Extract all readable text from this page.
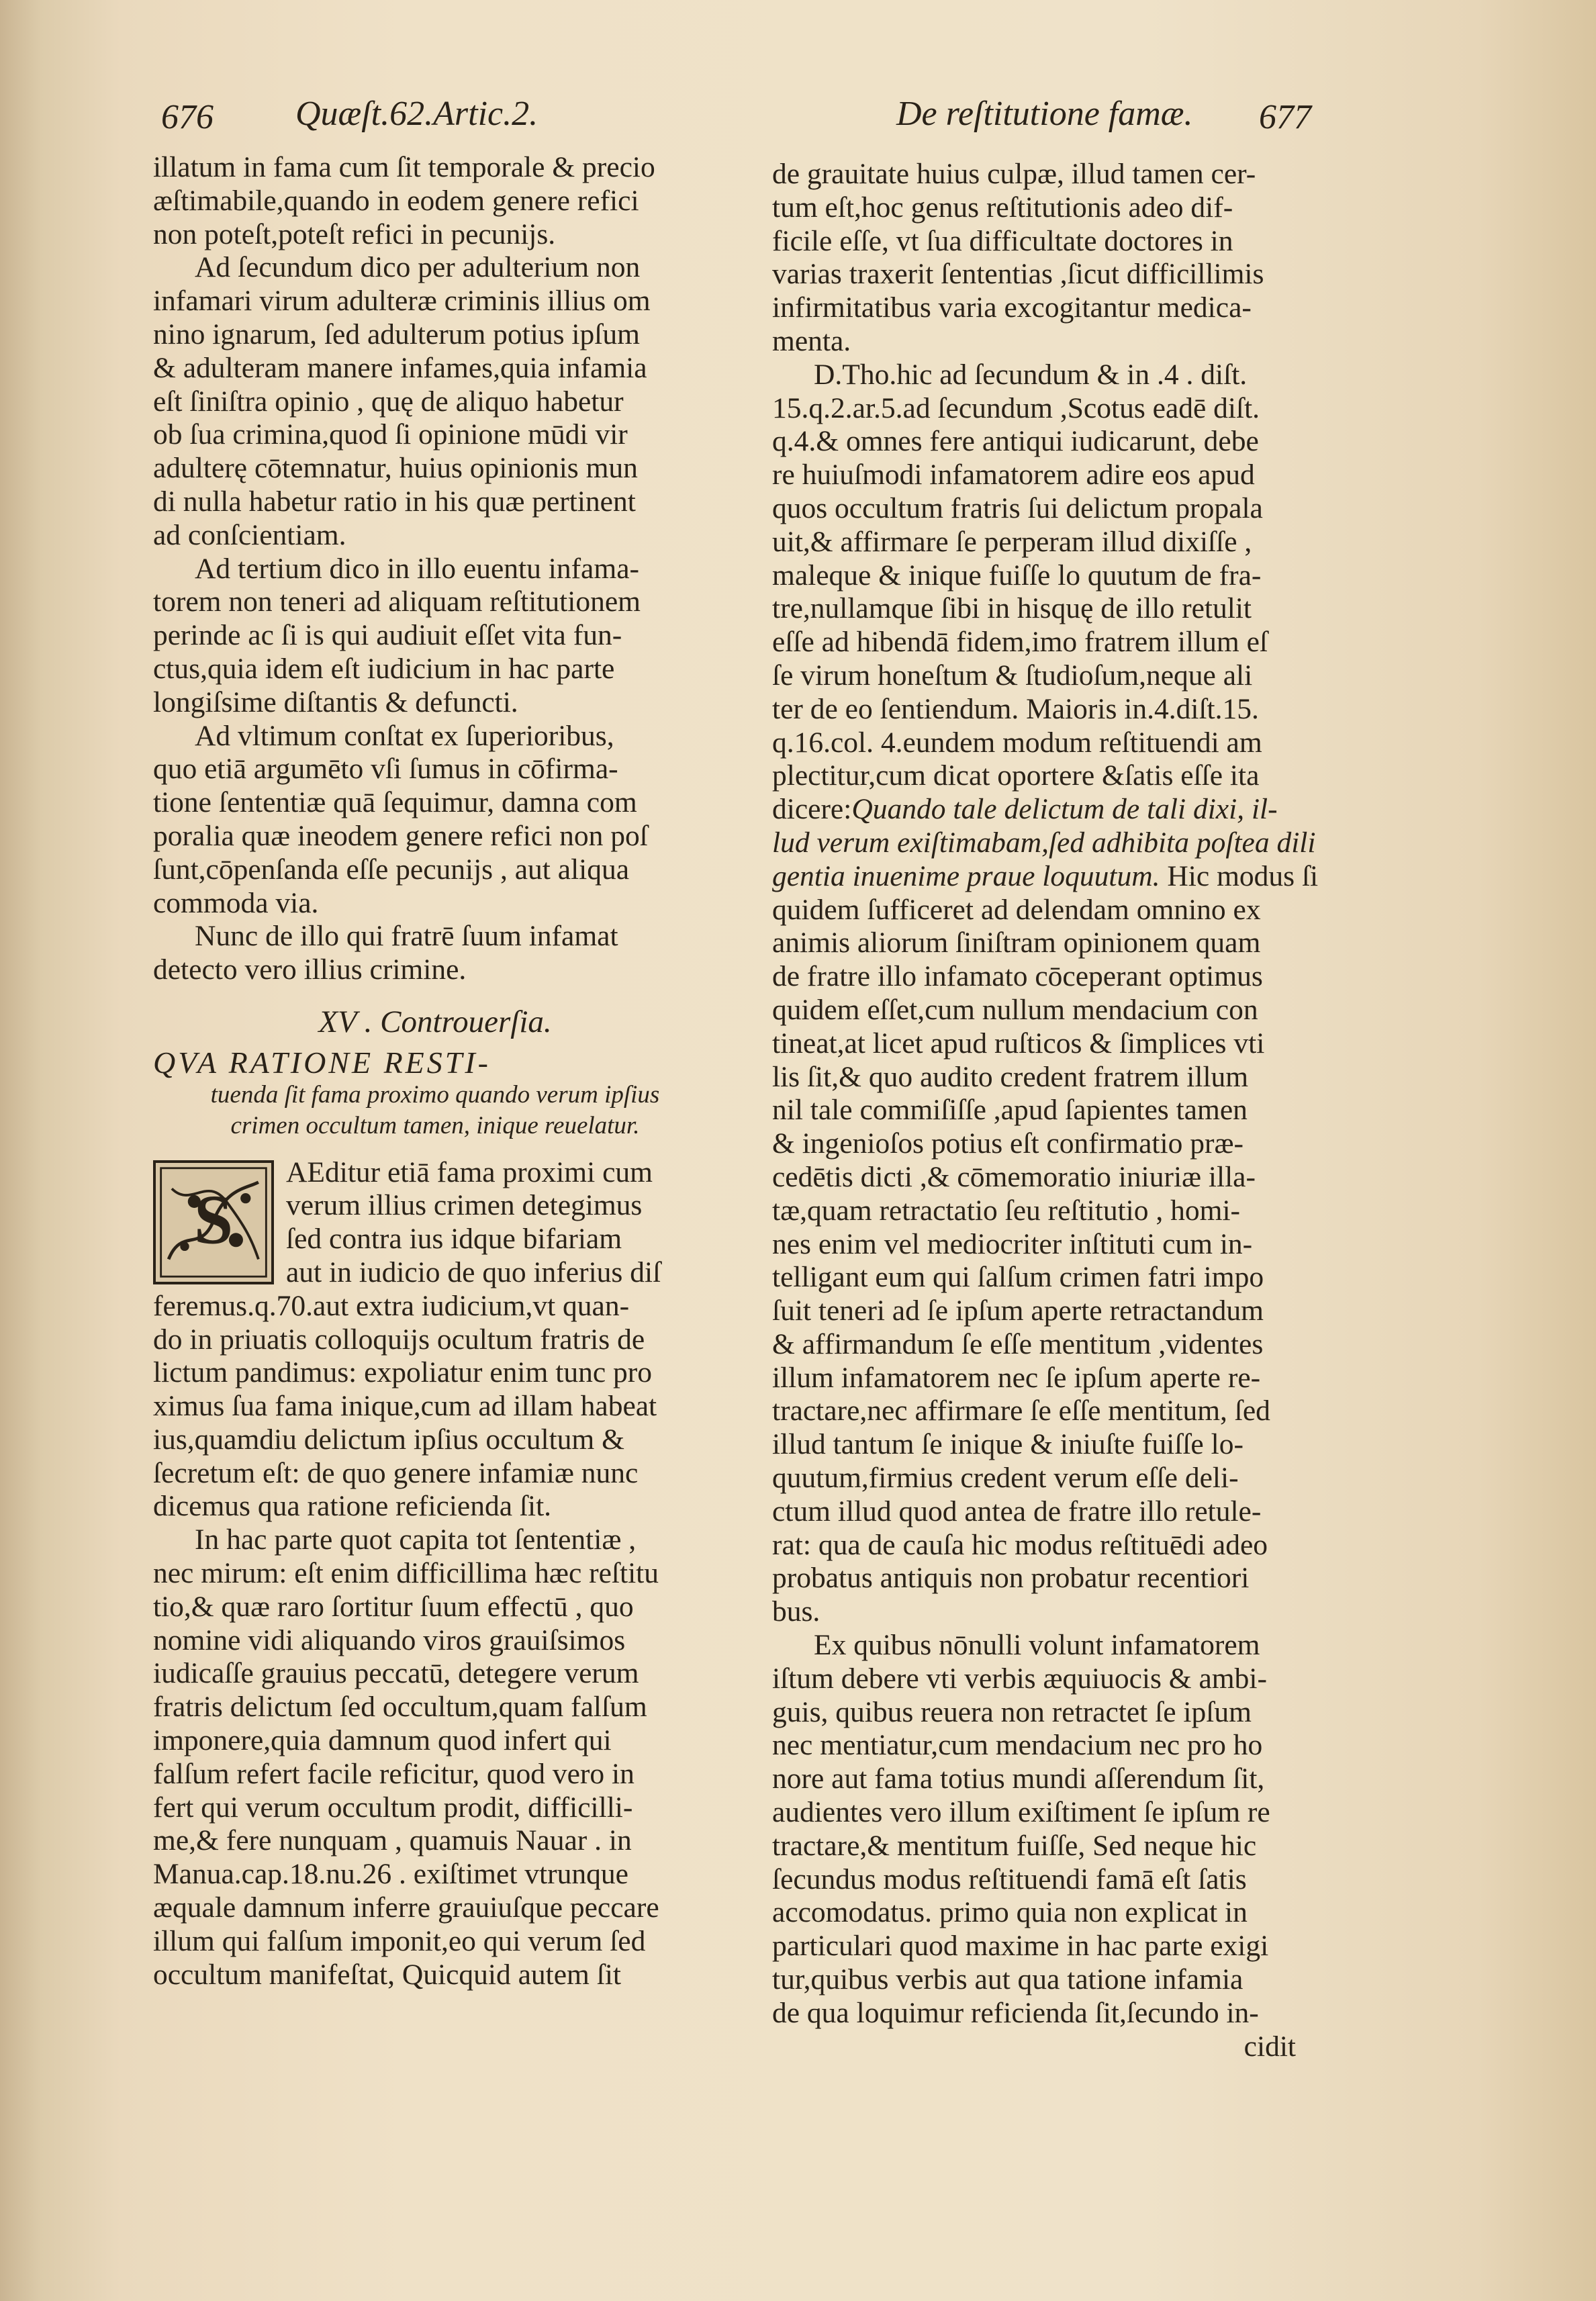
676 Quæſt.62.Artic.2.	De reſtitutione famæ. 677
illatum in fama cum ſit temporale & precio
æſtimabile,quando in eodem genere refici
non poteſt,poteſt refici in pecunijs.
Ad ſecundum dico per adulterium non
infamari virum adulteræ criminis illius om
nino ignarum, ſed adulterum potius ipſum
& adulteram manere infames,quia infamia
eſt ſiniſtra opinio , quę de aliquo habetur
ob ſua crimina,quod ſi opinione mūdi vir
adulterę cōtemnatur, huius opinionis mun
di nulla habetur ratio in his quæ pertinent
ad conſcientiam.
Ad tertium dico in illo euentu infama-
torem non teneri ad aliquam reſtitutionem
perinde ac ſi is qui audiuit eſſet vita fun-
ctus,quia idem eſt iudicium in hac parte
longiſsime diſtantis & defuncti.
Ad vltimum conſtat ex ſuperioribus,
quo etiā argumēto vſi ſumus in cōfirma-
tione ſententiæ quā ſequimur, damna com
poralia quæ ineodem genere refici non poſ
ſunt,cōpenſanda eſſe pecunijs , aut aliqua
commoda via.
Nunc de illo qui fratrē ſuum infamat
detecto vero illius crimine.
XV . Controuerſia.
QVA RATIONE RESTI-
tuenda ſit fama proximo quando verum ipſius
crimen occultum tamen, inique reuelatur.
S
AEditur etiā fama proximi cum
verum illius crimen detegimus
ſed contra ius idque bifariam
aut in iudicio de quo inferius diſ
feremus.q.70.aut extra iudicium,vt quan-
do in priuatis colloquijs ocultum fratris de
lictum pandimus: expoliatur enim tunc pro
ximus ſua fama inique,cum ad illam habeat
ius,quamdiu delictum ipſius occultum &
ſecretum eſt: de quo genere infamiæ nunc
dicemus qua ratione reficienda ſit.
In hac parte quot capita tot ſententiæ ,
nec mirum: eſt enim difficillima hæc reſtitu
tio,& quæ raro ſortitur ſuum effectū , quo
nomine vidi aliquando viros grauiſsimos
iudicaſſe grauius peccatū, detegere verum
fratris delictum ſed occultum,quam falſum
imponere,quia damnum quod infert qui
falſum refert facile reficitur, quod vero in
fert qui verum occultum prodit, difficilli-
me,& fere nunquam , quamuis Nauar . in
Manua.cap.18.nu.26 . exiſtimet vtrunque
æquale damnum inferre grauiuſque peccare
illum qui falſum imponit,eo qui verum ſed
occultum manifeſtat, Quicquid autem ſit
de grauitate huius culpæ, illud tamen cer-
tum eſt,hoc genus reſtitutionis adeo dif-
ficile eſſe, vt ſua difficultate doctores in
varias traxerit ſententias ,ſicut difficillimis
infirmitatibus varia excogitantur medica-
menta.
D.Tho.hic ad ſecundum & in .4 . diſt.
15.q.2.ar.5.ad ſecundum ,Scotus eadē diſt.
q.4.& omnes fere antiqui iudicarunt, debe
re huiuſmodi infamatorem adire eos apud
quos occultum fratris ſui delictum propala
uit,& affirmare ſe perperam illud dixiſſe ,
maleque & inique fuiſſe lo quutum de fra-
tre,nullamque ſibi in hisquę de illo retulit
eſſe ad hibendā fidem,imo fratrem illum eſ
ſe virum honeſtum & ſtudioſum,neque ali
ter de eo ſentiendum. Maioris in.4.diſt.15.
q.16.col. 4.eundem modum reſtituendi am
plectitur,cum dicat oportere &ſatis eſſe ita
dicere:Quando tale delictum de tali dixi, il-
lud verum exiſtimabam,ſed adhibita poſtea dili
gentia inuenime praue loquutum. Hic modus ſi
quidem ſufficeret ad delendam omnino ex
animis aliorum ſiniſtram opinionem quam
de fratre illo infamato cōceperant optimus
quidem eſſet,cum nullum mendacium con
tineat,at licet apud ruſticos & ſimplices vti
lis ſit,& quo audito credent fratrem illum
nil tale commiſiſſe ,apud ſapientes tamen
& ingenioſos potius eſt confirmatio præ-
cedētis dicti ,& cōmemoratio iniuriæ illa-
tæ,quam retractatio ſeu reſtitutio , homi-
nes enim vel mediocriter inſtituti cum in-
telligant eum qui ſalſum crimen fatri impo
ſuit teneri ad ſe ipſum aperte retractandum
& affirmandum ſe eſſe mentitum ,videntes
illum infamatorem nec ſe ipſum aperte re-
tractare,nec affirmare ſe eſſe mentitum, ſed
illud tantum ſe inique & iniuſte fuiſſe lo-
quutum,firmius credent verum eſſe deli-
ctum illud quod antea de fratre illo retule-
rat: qua de cauſa hic modus reſtituēdi adeo
probatus antiquis non probatur recentiori
bus.
Ex quibus nōnulli volunt infamatorem
iſtum debere vti verbis æquiuocis & ambi-
guis, quibus reuera non retractet ſe ipſum
nec mentiatur,cum mendacium nec pro ho
nore aut fama totius mundi aſſerendum ſit,
audientes vero illum exiſtiment ſe ipſum re
tractare,& mentitum fuiſſe, Sed neque hic
ſecundus modus reſtituendi famā eſt ſatis
accomodatus. primo quia non explicat in
particulari quod maxime in hac parte exigi
tur,quibus verbis aut qua tatione infamia
de qua loquimur reficienda ſit,ſecundo in-
cidit
